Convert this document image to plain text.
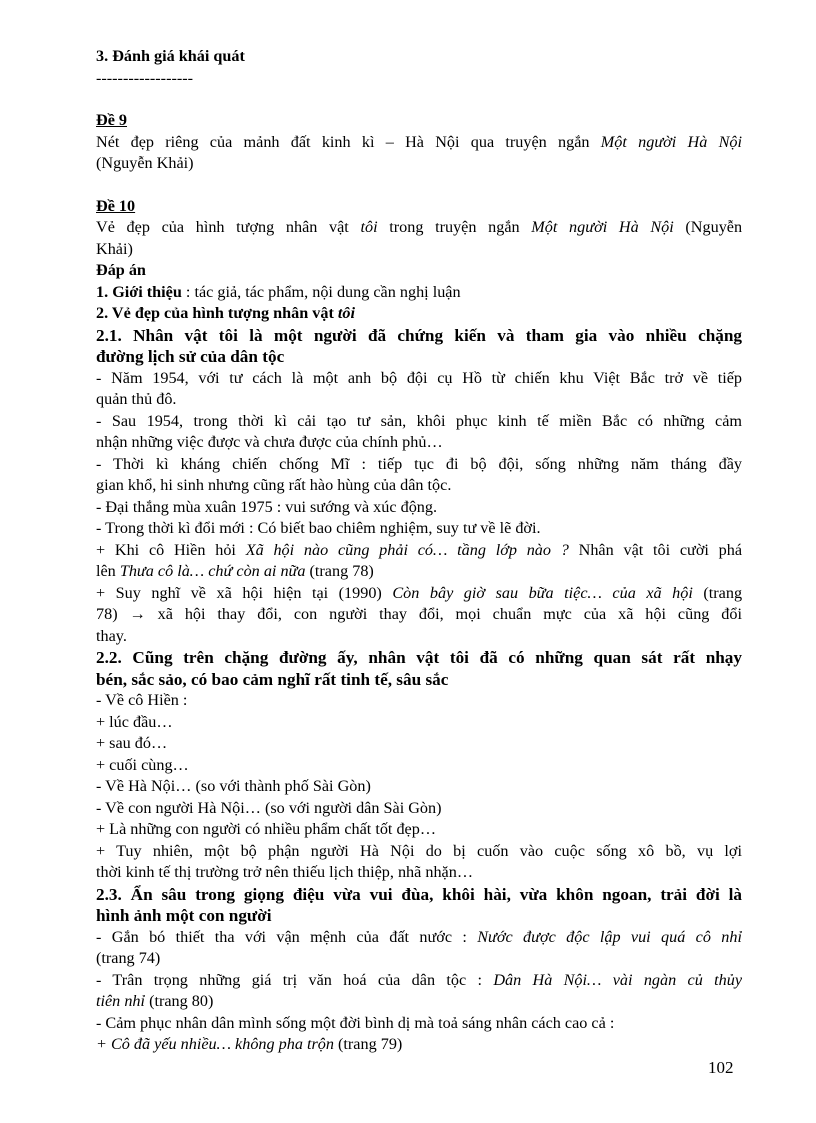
3. Đánh giá khái quát
------------------
Đề 9
Nét đẹp riêng của mảnh đất kinh kì – Hà Nội qua truyện ngắn Một người Hà Nội
(Nguyễn Khải)
Đề 10
Vẻ đẹp của hình tượng nhân vật tôi trong truyện ngắn Một người Hà Nội (Nguyễn
Khải)
Đáp án
1. Giới thiệu : tác giả, tác phẩm, nội dung cần nghị luận
2. Vẻ đẹp của hình tượng nhân vật tôi
2.1. Nhân vật tôi là một người đã chứng kiến và tham gia vào nhiều chặng
đường lịch sử của dân tộc
- Năm 1954, với tư cách là một anh bộ đội cụ Hồ từ chiến khu Việt Bắc trở về tiếp
quản thủ đô.
- Sau 1954, trong thời kì cải tạo tư sản, khôi phục kinh tế miền Bắc có những cảm
nhận những việc được và chưa được của chính phủ…
- Thời kì kháng chiến chống Mĩ : tiếp tục đi bộ đội, sống những năm tháng đầy
gian khổ, hi sinh nhưng cũng rất hào hùng của dân tộc.
- Đại thắng mùa xuân 1975 : vui sướng và xúc động.
- Trong thời kì đổi mới : Có biết bao chiêm nghiệm, suy tư về lẽ đời.
+ Khi cô Hiền hỏi Xã hội nào cũng phải có… tầng lớp nào ? Nhân vật tôi cười phá
lên Thưa cô là… chứ còn ai nữa (trang 78)
+ Suy nghĩ về xã hội hiện tại (1990) Còn bây giờ sau bữa tiệc… của xã hội (trang
78) → xã hội thay đổi, con người thay đổi, mọi chuẩn mực của xã hội cũng đổi
thay.
2.2. Cũng trên chặng đường ấy, nhân vật tôi đã có những quan sát rất nhạy
bén, sắc sảo, có bao cảm nghĩ rất tinh tế, sâu sắc
- Về cô Hiền :
+ lúc đầu…
+ sau đó…
+ cuối cùng…
- Về Hà Nội… (so với thành phố Sài Gòn)
- Về con người Hà Nội… (so với người dân Sài Gòn)
+ Là những con người có nhiều phẩm chất tốt đẹp…
+ Tuy nhiên, một bộ phận người Hà Nội do bị cuốn vào cuộc sống xô bồ, vụ lợi
thời kinh tế thị trường trở nên thiếu lịch thiệp, nhã nhặn…
2.3. Ẩn sâu trong giọng điệu vừa vui đùa, khôi hài, vừa khôn ngoan, trải đời là
hình ảnh một con người
- Gắn bó thiết tha với vận mệnh của đất nước : Nước được độc lập vui quá cô nhỉ
(trang 74)
- Trân trọng những giá trị văn hoá của dân tộc : Dân Hà Nội… vài ngàn củ thủy
tiên nhỉ (trang 80)
- Cảm phục nhân dân mình sống một đời bình dị mà toả sáng nhân cách cao cả :
+ Cô đã yếu nhiều… không pha trộn (trang 79)
102
